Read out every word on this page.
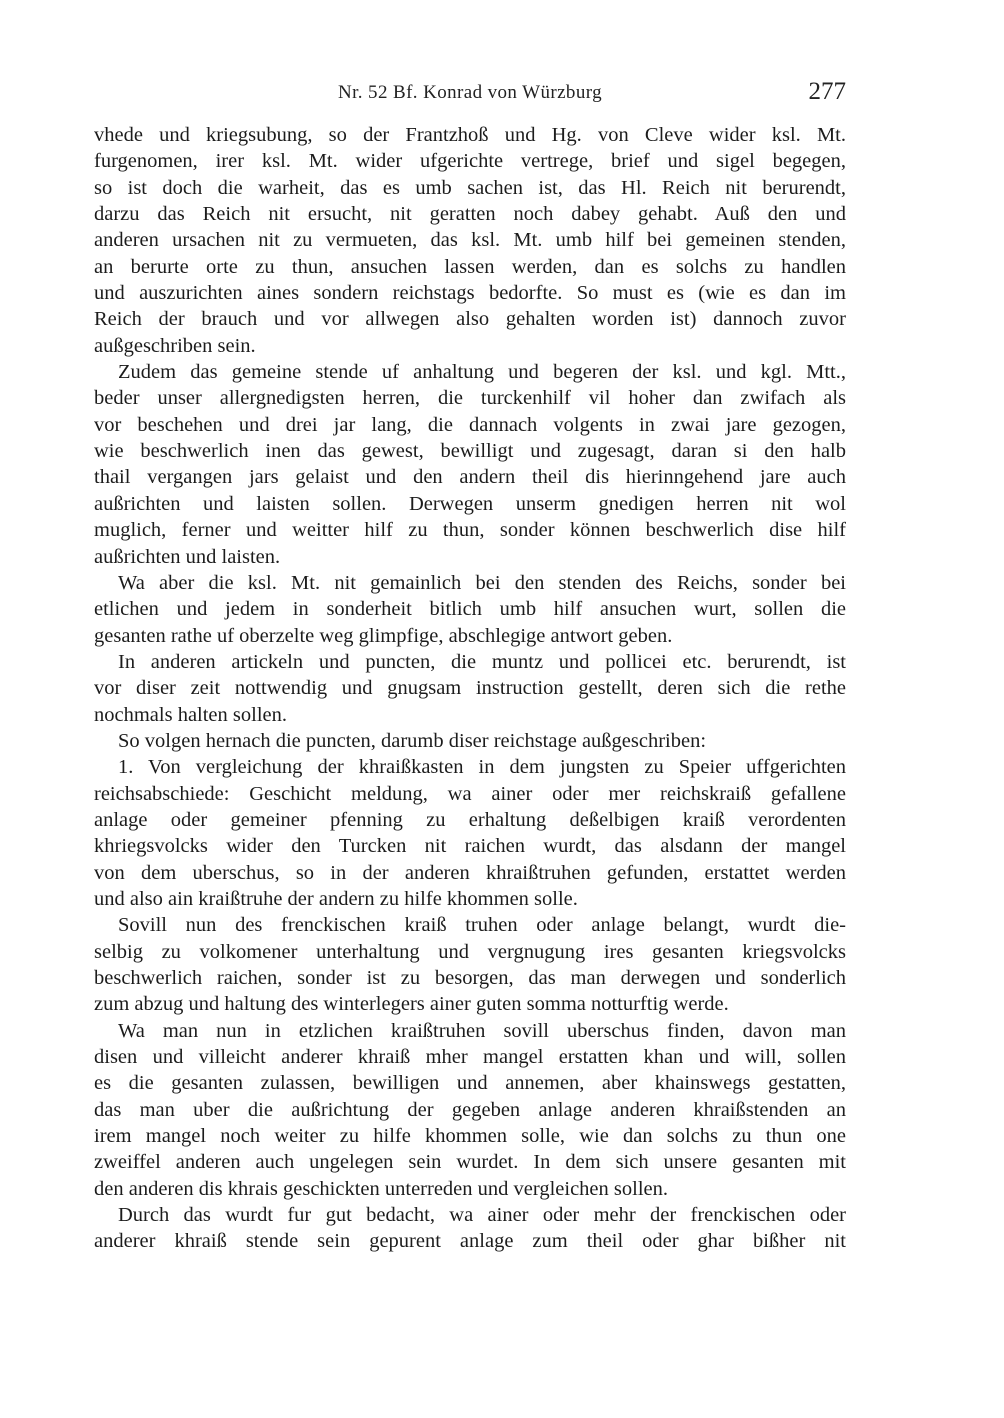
Nr. 52 Bf. Konrad von Würzburg	277
vhede und kriegsubung, so der Frantzhoß und Hg. von Cleve wider ksl. Mt.
furgenomen, irer ksl. Mt. wider ufgerichte vertrege, brief und sigel begegen,
so ist doch die warheit, das es umb sachen ist, das Hl. Reich nit berurendt,
darzu das Reich nit ersucht, nit geratten noch dabey gehabt. Auß den und
anderen ursachen nit zu vermueten, das ksl. Mt. umb hilf bei gemeinen stenden,
an berurte orte zu thun, ansuchen lassen werden, dan es solchs zu handlen
und auszurichten aines sondern reichstags bedorfte. So must es (wie es dan im
Reich der brauch und vor allwegen also gehalten worden ist) dannoch zuvor
außgeschriben sein.
Zudem das gemeine stende uf anhaltung und begeren der ksl. und kgl. Mtt.,
beder unser allergnedigsten herren, die turckenhilf vil hoher dan zwifach als
vor beschehen und drei jar lang, die dannach volgents in zwai jare gezogen,
wie beschwerlich inen das gewest, bewilligt und zugesagt, daran si den halb
thail vergangen jars gelaist und den andern theil dis hierinngehend jare auch
außrichten und laisten sollen. Derwegen unserm gnedigen herren nit wol
muglich, ferner und weitter hilf zu thun, sonder können beschwerlich dise hilf
außrichten und laisten.
Wa aber die ksl. Mt. nit gemainlich bei den stenden des Reichs, sonder bei
etlichen und jedem in sonderheit bitlich umb hilf ansuchen wurt, sollen die
gesanten rathe uf oberzelte weg glimpfige, abschlegige antwort geben.
In anderen artickeln und puncten, die muntz und pollicei etc. berurendt, ist
vor diser zeit nottwendig und gnugsam instruction gestellt, deren sich die rethe
nochmals halten sollen.
So volgen hernach die puncten, darumb diser reichstage außgeschriben:
1. Von vergleichung der khraißkasten in dem jungsten zu Speier uffgerichten
reichsabschiede: Geschicht meldung, wa ainer oder mer reichskraiß gefallene
anlage oder gemeiner pfenning zu erhaltung deßelbigen kraiß verordenten
khriegsvolcks wider den Turcken nit raichen wurdt, das alsdann der mangel
von dem uberschus, so in der anderen khraißtruhen gefunden, erstattet werden
und also ain kraißtruhe der andern zu hilfe khommen solle.
Sovill nun des frenckischen kraiß truhen oder anlage belangt, wurdt die-
selbig zu volkomener unterhaltung und vergnugung ires gesanten kriegsvolcks
beschwerlich raichen, sonder ist zu besorgen, das man derwegen und sonderlich
zum abzug und haltung des winterlegers ainer guten somma notturftig werde.
Wa man nun in etzlichen kraißtruhen sovill uberschus finden, davon man
disen und villeicht anderer khraiß mher mangel erstatten khan und will, sollen
es die gesanten zulassen, bewilligen und annemen, aber khainswegs gestatten,
das man uber die außrichtung der gegeben anlage anderen khraißstenden an
irem mangel noch weiter zu hilfe khommen solle, wie dan solchs zu thun one
zweiffel anderen auch ungelegen sein wurdet. In dem sich unsere gesanten mit
den anderen dis khrais geschickten unterreden und vergleichen sollen.
Durch das wurdt fur gut bedacht, wa ainer oder mehr der frenckischen oder
anderer khraiß stende sein gepurent anlage zum theil oder ghar bißher nit
